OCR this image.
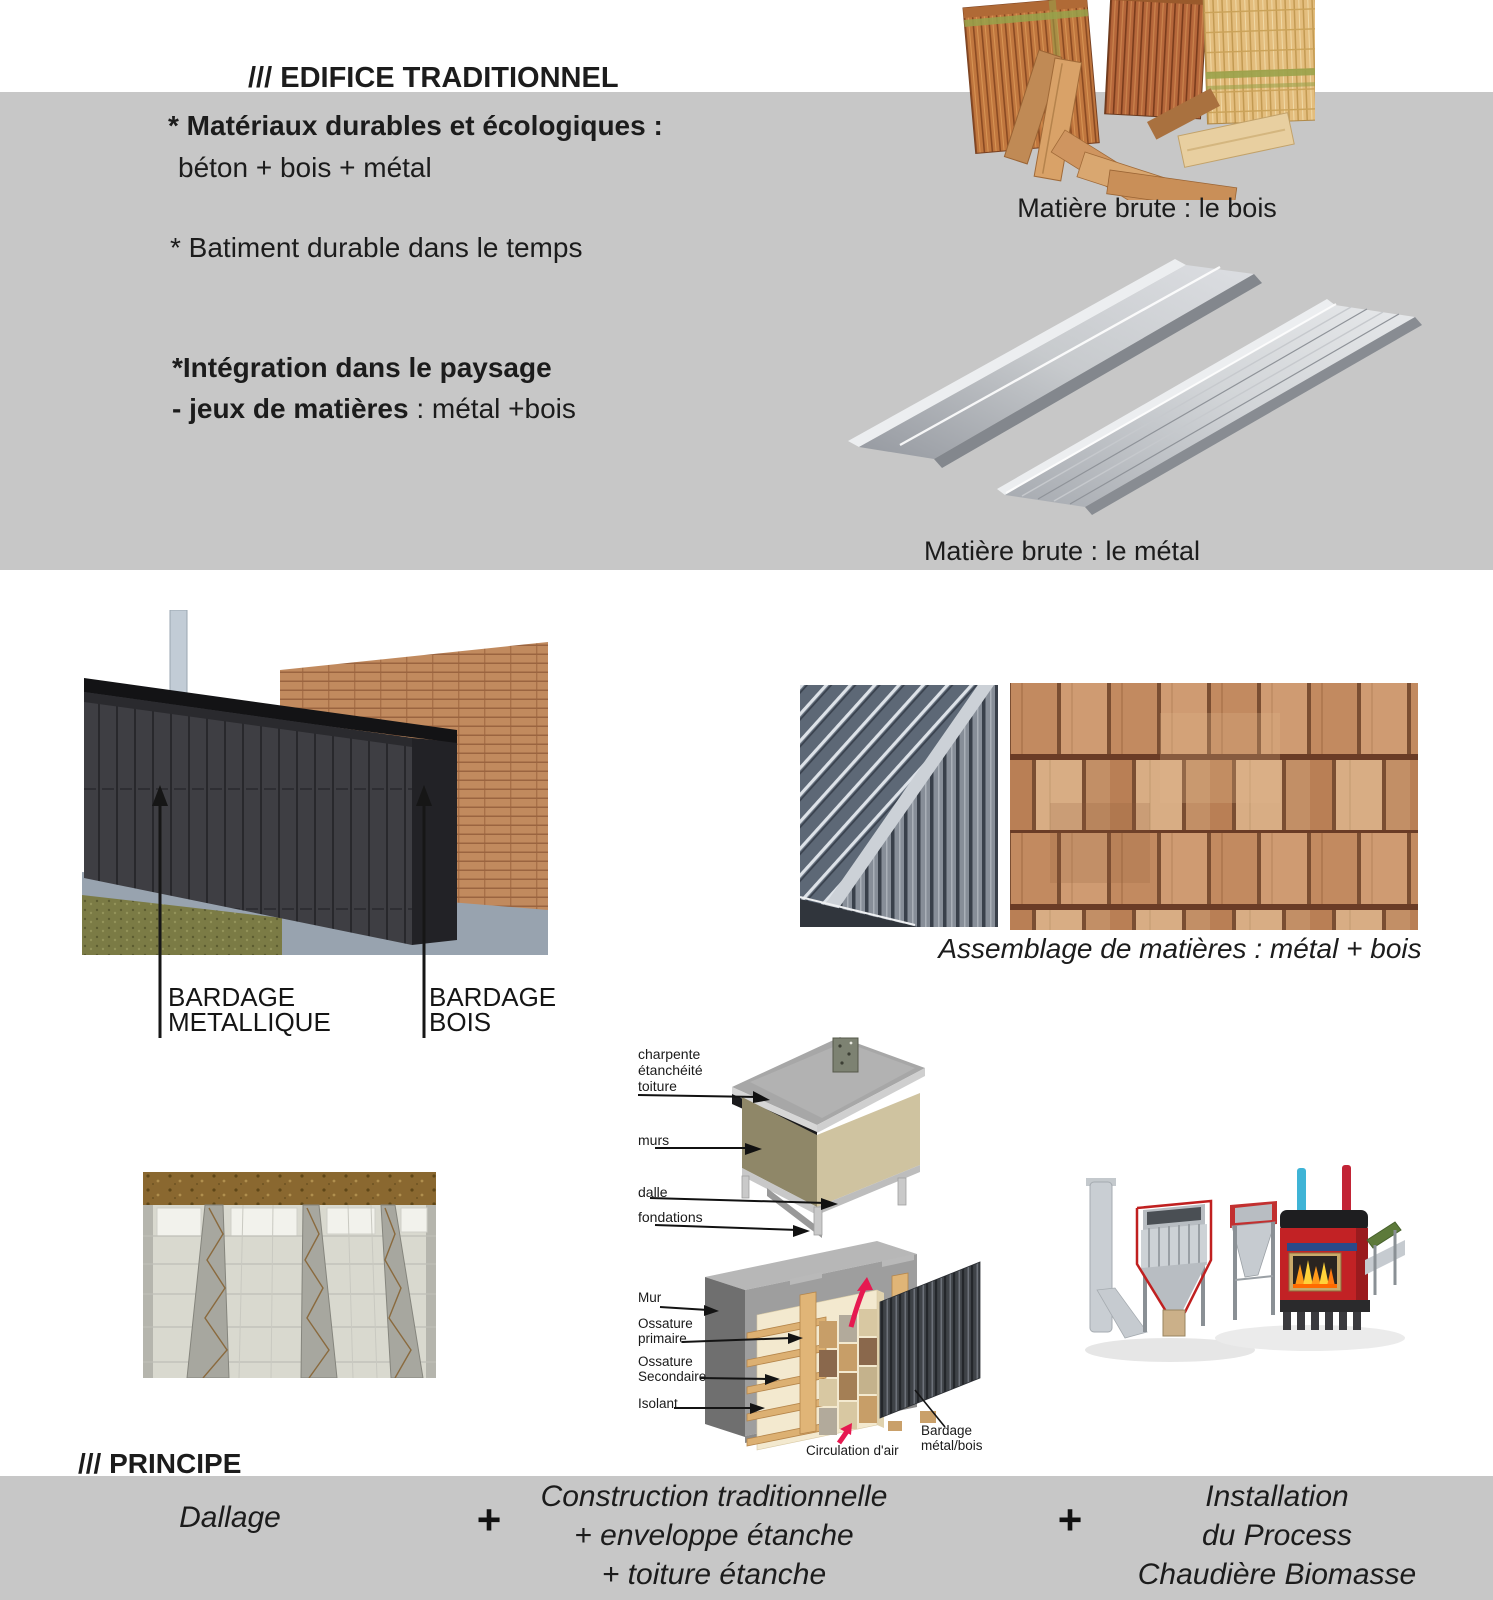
/// EDIFICE TRADITIONNEL
* Matériaux durables et écologiques :
béton + bois + métal
* Batiment durable dans le temps
*Intégration dans le paysage
- jeux de matières : métal +bois
Matière brute : le bois
Matière brute : le métal
BARDAGE
METALLIQUE
BARDAGE
BOIS
Assemblage de matières : métal + bois
charpente
étanchéité
toiture
murs
dalle
fondations
Mur
Ossature
primaire
Ossature
Secondaire
Isolant
Bardage
métal/bois
Circulation d'air
/// PRINCIPE
Dallage	+ Construction traditionnelle
+ enveloppe étanche
+ toiture étanche
+	Installation
du Process
Chaudière Biomasse
